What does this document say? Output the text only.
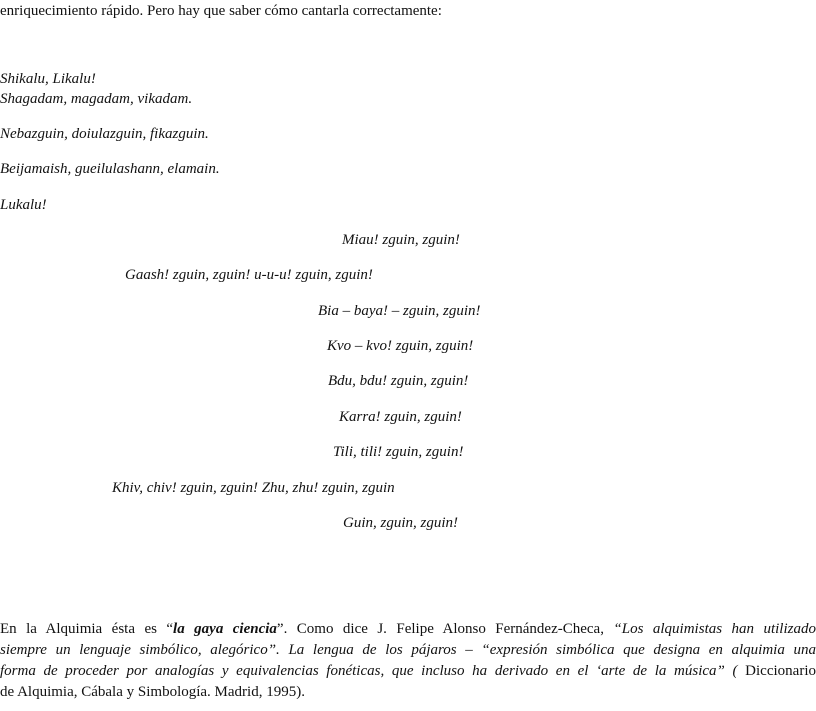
enriquecimiento rápido. Pero hay que saber cómo cantarla correctamente:
Shikalu, Likalu!
Shagadam, magadam, vikadam.
Nebazguin, doiulazguin, fikazguin.
Beijamaish, gueilulashann, elamain.
Lukalu!
Miau! zguin, zguin!
Gaash! zguin, zguin! u-u-u! zguin, zguin!
Bia – baya! – zguin, zguin!
Kvo – kvo! zguin, zguin!
Bdu, bdu! zguin, zguin!
Karra! zguin, zguin!
Tili, tili! zguin, zguin!
Khiv, chiv! zguin, zguin! Zhu, zhu! zguin, zguin
Guin, zguin, zguin!
En la Alquimia ésta es “la gaya ciencia”. Como dice J. Felipe Alonso Fernández-Checa, “Los alquimistas han utilizado
siempre un lenguaje simbólico, alegórico”. La lengua de los pájaros – “expresión simbólica que designa en alquimia una
forma de proceder por analogías y equivalencias fonéticas, que incluso ha derivado en el ‘arte de la música” ( Diccionario
de Alquimia, Cábala y Simbología. Madrid, 1995).
